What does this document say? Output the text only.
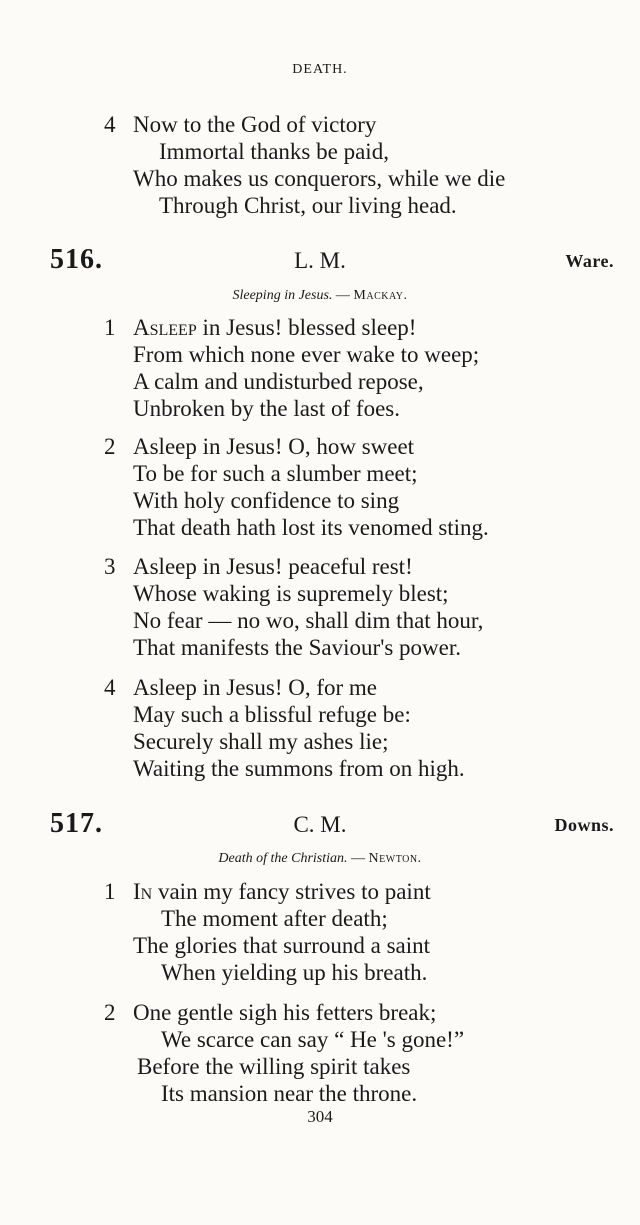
DEATH.
4 Now to the God of victory
Immortal thanks be paid,
Who makes us conquerors, while we die
Through Christ, our living head.
516.	L. M.	Ware.
Sleeping in Jesus. — Mackay.
1 Asleep in Jesus! blessed sleep!
From which none ever wake to weep;
A calm and undisturbed repose,
Unbroken by the last of foes.
2 Asleep in Jesus! O, how sweet
To be for such a slumber meet;
With holy confidence to sing
That death hath lost its venomed sting.
3 Asleep in Jesus! peaceful rest!
Whose waking is supremely blest;
No fear — no wo, shall dim that hour,
That manifests the Saviour's power.
4 Asleep in Jesus! O, for me
May such a blissful refuge be:
Securely shall my ashes lie;
Waiting the summons from on high.
517.	C. M.	Downs.
Death of the Christian. — Newton.
1 In vain my fancy strives to paint
The moment after death;
The glories that surround a saint
When yielding up his breath.
2 One gentle sigh his fetters break;
We scarce can say “ He 's gone!”
Before the willing spirit takes
Its mansion near the throne.
304
